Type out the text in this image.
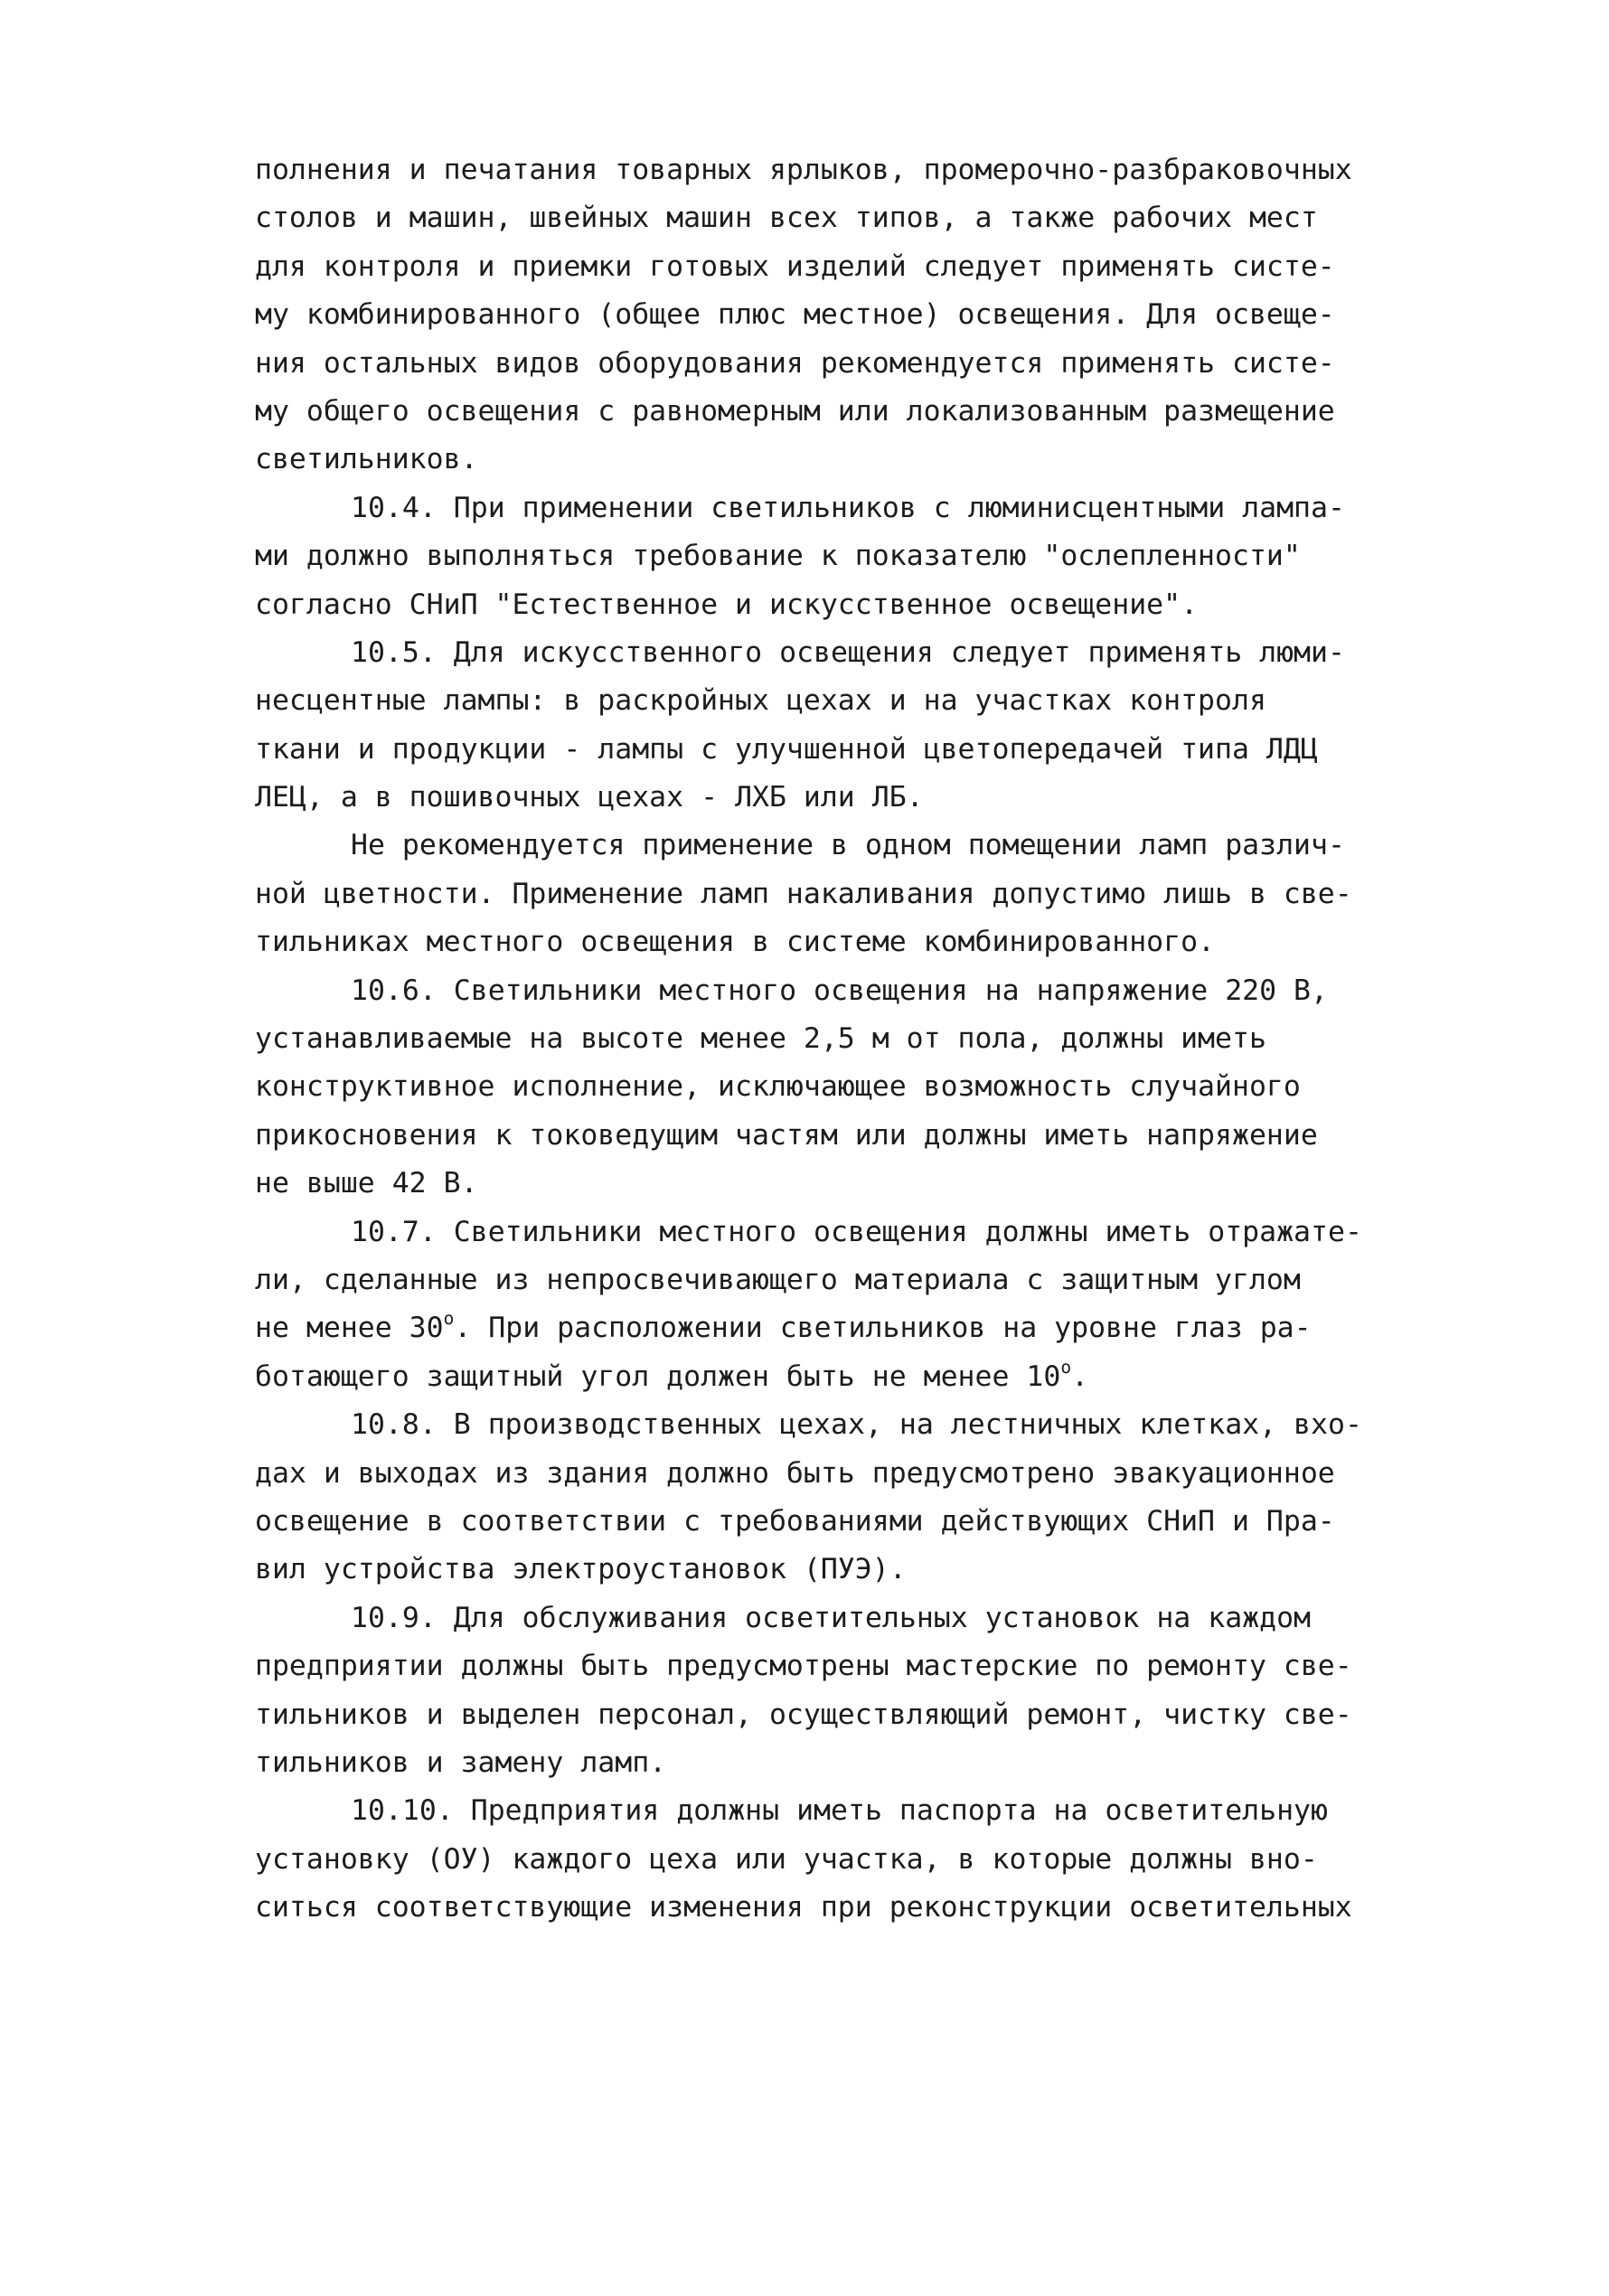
полнения и печатания товарных ярлыков, промерочно-разбраковочных
столов и машин, швейных машин всех типов, а также рабочих мест
для контроля и приемки готовых изделий следует применять систе-
му комбинированного (общее плюс местное) освещения. Для освеще-
ния остальных видов оборудования рекомендуется применять систе-
му общего освещения с равномерным или локализованным размещение
светильников.
10.4. При применении светильников с люминисцентными лампа-
ми должно выполняться требование к показателю "ослепленности"
согласно СНиП "Естественное и искусственное освещение".
10.5. Для искусственного освещения следует применять люми-
несцентные лампы: в раскройных цехах и на участках контроля
ткани и продукции - лампы с улучшенной цветопередачей типа ЛДЦ
ЛЕЦ, а в пошивочных цехах - ЛХБ или ЛБ.
Не рекомендуется применение в одном помещении ламп различ-
ной цветности. Применение ламп накаливания допустимо лишь в све-
тильниках местного освещения в системе комбинированного.
10.6. Светильники местного освещения на напряжение 220 В,
устанавливаемые на высоте менее 2,5 м от пола, должны иметь
конструктивное исполнение, исключающее возможность случайного
прикосновения к токоведущим частям или должны иметь напряжение
не выше 42 В.
10.7. Светильники местного освещения должны иметь отражате-
ли, сделанные из непросвечивающего материала с защитным углом
не менее $30^о$. При расположении светильников на уровне глаз ра-
ботающего защитный угол должен быть не менее $10^о$.
10.8. В производственных цехах, на лестничных клетках, вхо-
дах и выходах из здания должно быть предусмотрено эвакуационное
освещение в соответствии с требованиями действующих СНиП и Пра-
вил устройства электроустановок (ПУЭ).
10.9. Для обслуживания осветительных установок на каждом
предприятии должны быть предусмотрены мастерские по ремонту све-
тильников и выделен персонал, осуществляющий ремонт, чистку све-
тильников и замену ламп.
10.10. Предприятия должны иметь паспорта на осветительную
установку (ОУ) каждого цеха или участка, в которые должны вно-
ситься соответствующие изменения при реконструкции осветительных
